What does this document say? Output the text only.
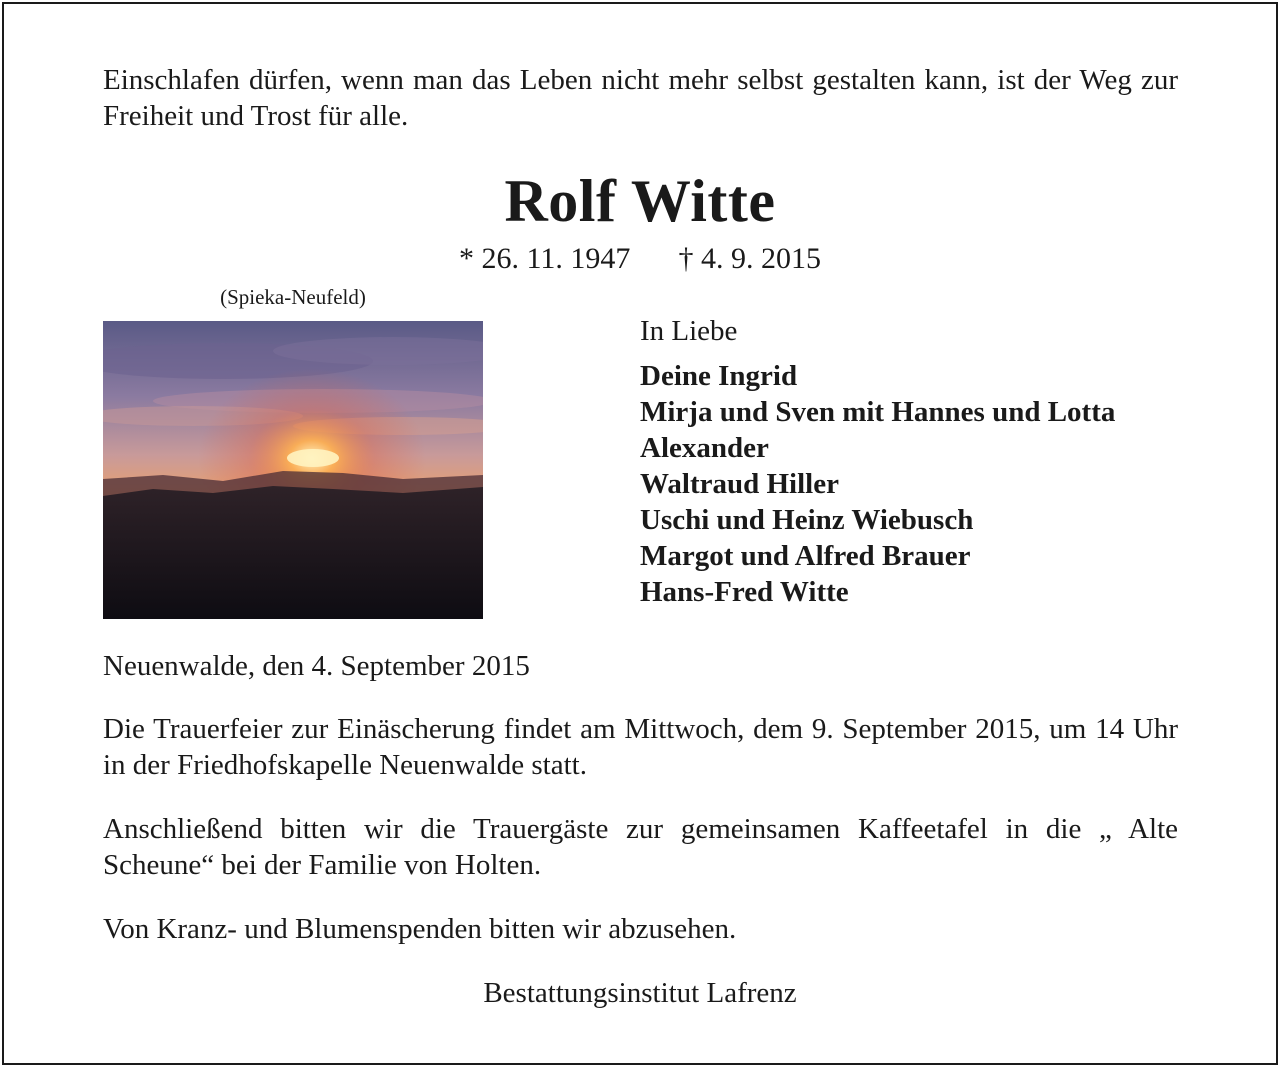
Einschlafen dürfen, wenn man das Leben nicht mehr selbst gestalten kann, ist der Weg zur Freiheit und Trost für alle.
Rolf Witte
* 26. 11. 1947 † 4. 9. 2015
(Spieka-Neufeld)
In Liebe
Deine Ingrid
Mirja und Sven mit Hannes und Lotta
Alexander
Waltraud Hiller
Uschi und Heinz Wiebusch
Margot und Alfred Brauer
Hans-Fred Witte
Neuenwalde, den 4. September 2015
Die Trauerfeier zur Einäscherung findet am Mittwoch, dem 9. September 2015, um 14 Uhr in der Friedhofskapelle Neuenwalde statt.
Anschließend bitten wir die Trauergäste zur gemeinsamen Kaffeetafel in die „ Alte Scheune“ bei der Familie von Holten.
Von Kranz- und Blumenspenden bitten wir abzusehen.
Bestattungsinstitut Lafrenz
